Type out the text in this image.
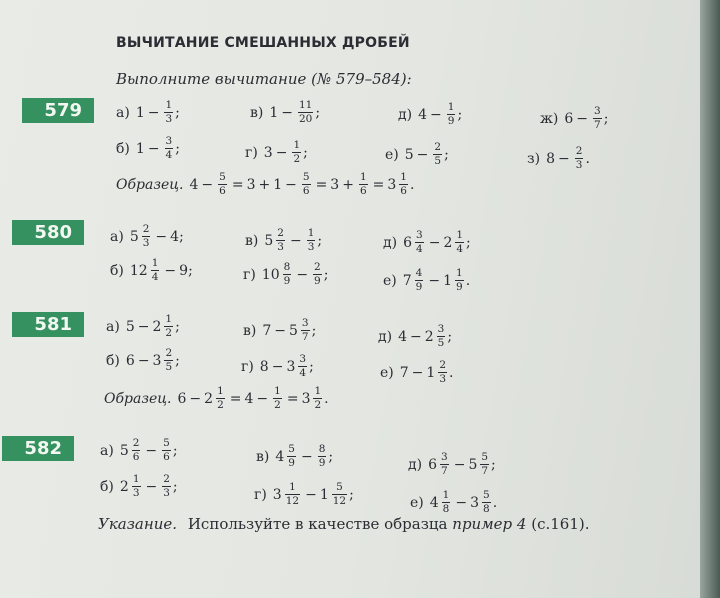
ВЫЧИТАНИЕ СМЕШАННЫХ ДРОБЕЙ
Выполните вычитание (№ 579–584):
579	а) $1 - \frac{1}{3}$ ;	в) $1 - \frac{11}{20}$ ;	д) $4 - \frac{1}{9}$ ;	ж) $6 - \frac{3}{7}$ ;
б) $1 - \frac{3}{4}$ ;	г) $3 - \frac{1}{2}$ ;	е) $5 - \frac{2}{5}$ ;	з) $8 - \frac{2}{3}$ .
Образец. $4 - \frac{5}{6} = 3 + 1 - \frac{5}{6} = 3 + \frac{1}{6} = 3 \frac{1}{6}$ .
580	а) $5 \frac{2}{3} - 4$ ;	в) $5 \frac{2}{3} - \frac{1}{3}$ ;	д) $6 \frac{3}{4} - 2 \frac{1}{4}$ ;
б) $12 \frac{1}{4} - 9$ ;	г) $10 \frac{8}{9} - \frac{2}{9}$ ;	е) $7 \frac{4}{9} - 1 \frac{1}{9}$ .
581	а) $5 - 2 \frac{1}{2}$ ;	в) $7 - 5 \frac{3}{7}$ ;	д) $4 - 2 \frac{3}{5}$ ;
б) $6 - 3 \frac{2}{5}$ ;	г) $8 - 3 \frac{3}{4}$ ;	е) $7 - 1 \frac{2}{3}$ .
Образец. $6 - 2 \frac{1}{2} = 4 - \frac{1}{2} = 3 \frac{1}{2}$ .
582	а) $5 \frac{2}{6} - \frac{5}{6}$ ;	в) $4 \frac{5}{9} - \frac{8}{9}$ ;	д) $6 \frac{3}{7} - 5 \frac{5}{7}$ ;
б) $2 \frac{1}{3} - \frac{2}{3}$ ;	г) $3 \frac{1}{12} - 1 \frac{5}{12}$ ;	е) $4 \frac{1}{8} - 3 \frac{5}{8}$ .
Указание. Используйте в качестве образца пример 4 (с.161).
